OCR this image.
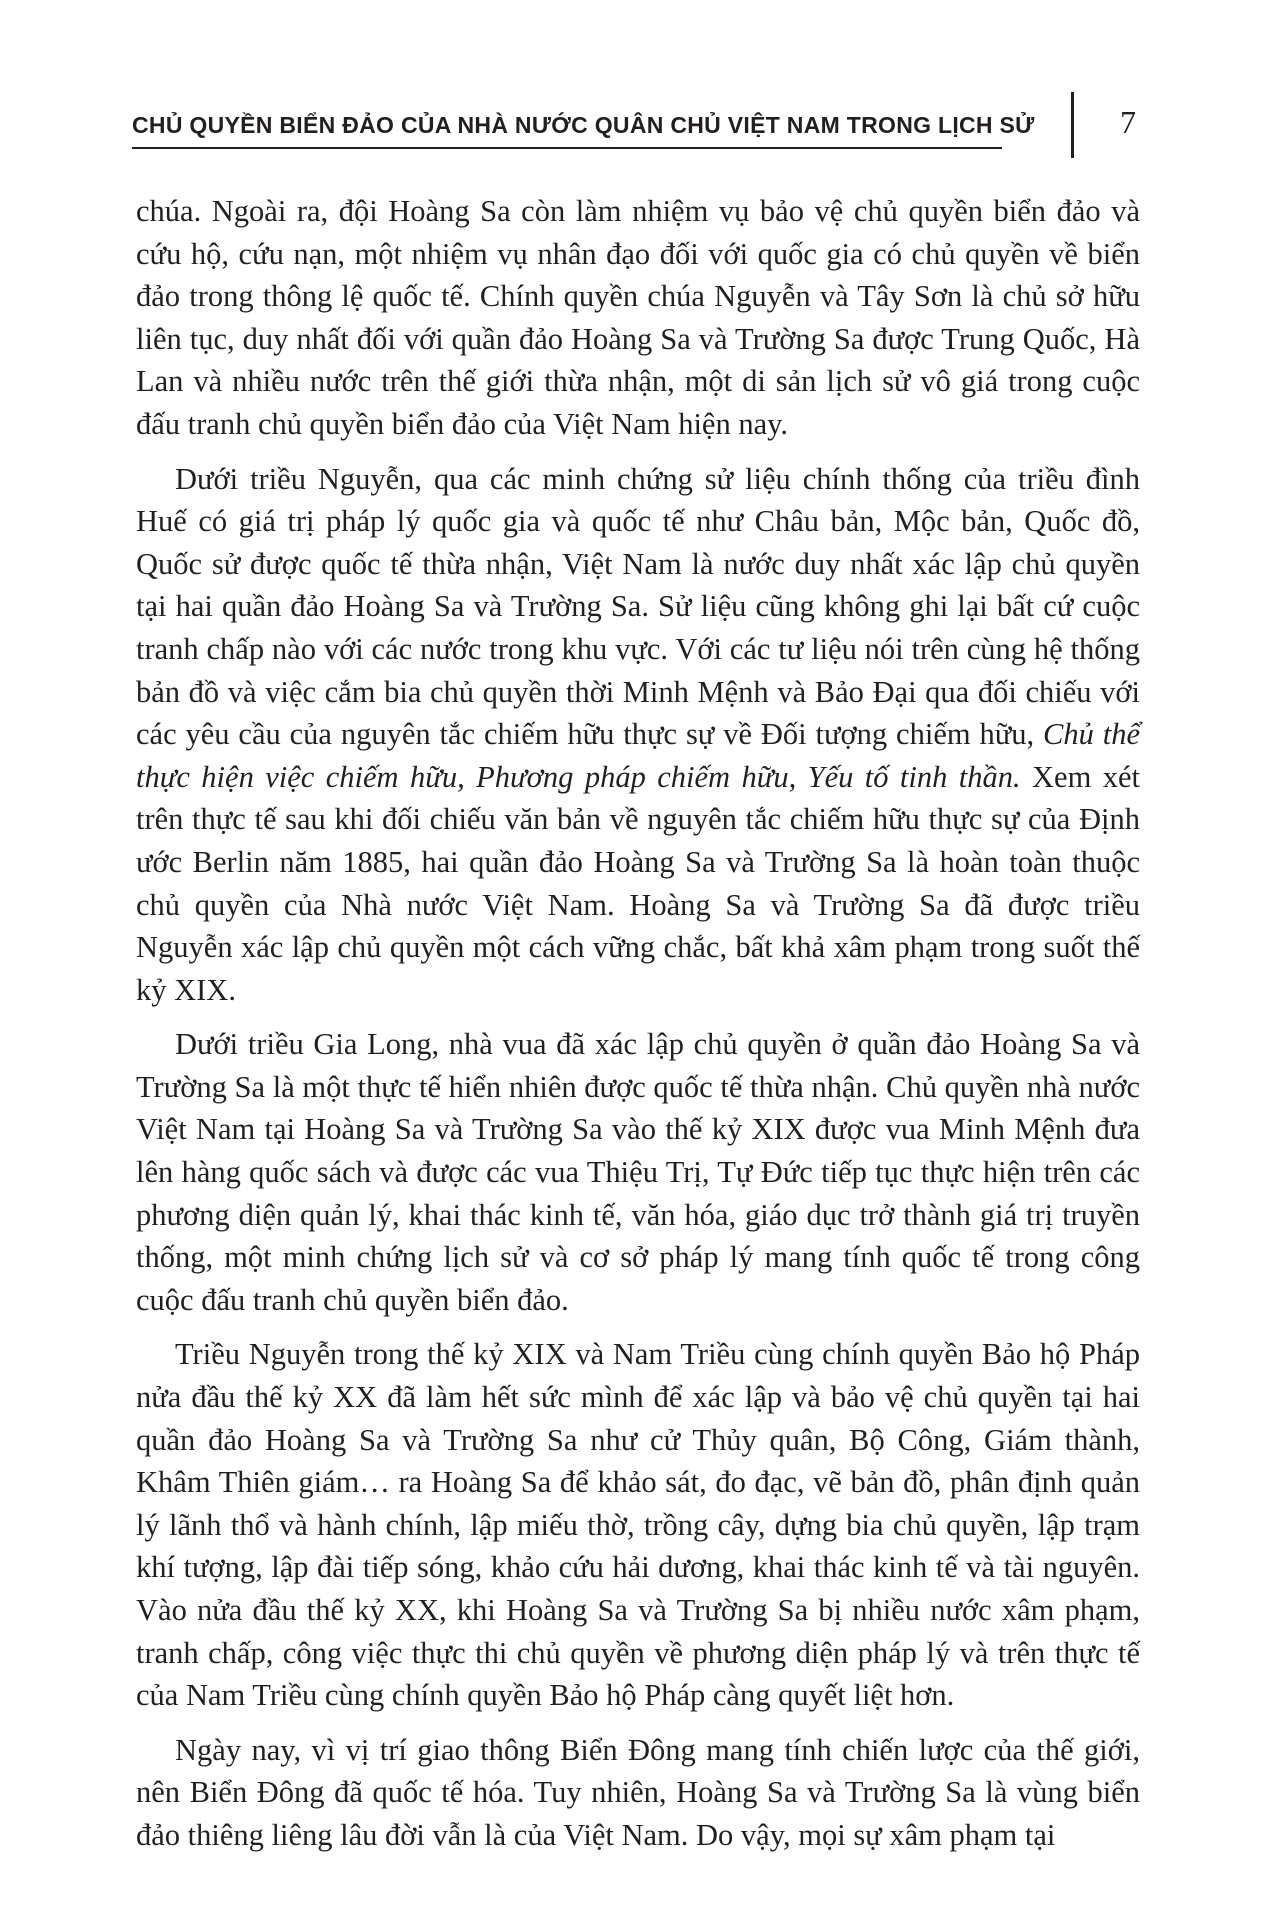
CHỦ QUYỀN BIỂN ĐẢO CỦA NHÀ NƯỚC QUÂN CHỦ VIỆT NAM TRONG LỊCH SỬ	7

chúa. Ngoài ra, đội Hoàng Sa còn làm nhiệm vụ bảo vệ chủ quyền biển đảo và cứu hộ, cứu nạn, một nhiệm vụ nhân đạo đối với quốc gia có chủ quyền về biển đảo trong thông lệ quốc tế. Chính quyền chúa Nguyễn và Tây Sơn là chủ sở hữu liên tục, duy nhất đối với quần đảo Hoàng Sa và Trường Sa được Trung Quốc, Hà Lan và nhiều nước trên thế giới thừa nhận, một di sản lịch sử vô giá trong cuộc đấu tranh chủ quyền biển đảo của Việt Nam hiện nay.

Dưới triều Nguyễn, qua các minh chứng sử liệu chính thống của triều đình Huế có giá trị pháp lý quốc gia và quốc tế như Châu bản, Mộc bản, Quốc đồ, Quốc sử được quốc tế thừa nhận, Việt Nam là nước duy nhất xác lập chủ quyền tại hai quần đảo Hoàng Sa và Trường Sa. Sử liệu cũng không ghi lại bất cứ cuộc tranh chấp nào với các nước trong khu vực. Với các tư liệu nói trên cùng hệ thống bản đồ và việc cắm bia chủ quyền thời Minh Mệnh và Bảo Đại qua đối chiếu với các yêu cầu của nguyên tắc chiếm hữu thực sự về Đối tượng chiếm hữu, Chủ thể thực hiện việc chiếm hữu, Phương pháp chiếm hữu, Yếu tố tinh thần. Xem xét trên thực tế sau khi đối chiếu văn bản về nguyên tắc chiếm hữu thực sự của Định ước Berlin năm 1885, hai quần đảo Hoàng Sa và Trường Sa là hoàn toàn thuộc chủ quyền của Nhà nước Việt Nam. Hoàng Sa và Trường Sa đã được triều Nguyễn xác lập chủ quyền một cách vững chắc, bất khả xâm phạm trong suốt thế kỷ XIX.

Dưới triều Gia Long, nhà vua đã xác lập chủ quyền ở quần đảo Hoàng Sa và Trường Sa là một thực tế hiển nhiên được quốc tế thừa nhận. Chủ quyền nhà nước Việt Nam tại Hoàng Sa và Trường Sa vào thế kỷ XIX được vua Minh Mệnh đưa lên hàng quốc sách và được các vua Thiệu Trị, Tự Đức tiếp tục thực hiện trên các phương diện quản lý, khai thác kinh tế, văn hóa, giáo dục trở thành giá trị truyền thống, một minh chứng lịch sử và cơ sở pháp lý mang tính quốc tế trong công cuộc đấu tranh chủ quyền biển đảo.

Triều Nguyễn trong thế kỷ XIX và Nam Triều cùng chính quyền Bảo hộ Pháp nửa đầu thế kỷ XX đã làm hết sức mình để xác lập và bảo vệ chủ quyền tại hai quần đảo Hoàng Sa và Trường Sa như cử Thủy quân, Bộ Công, Giám thành, Khâm Thiên giám… ra Hoàng Sa để khảo sát, đo đạc, vẽ bản đồ, phân định quản lý lãnh thổ và hành chính, lập miếu thờ, trồng cây, dựng bia chủ quyền, lập trạm khí tượng, lập đài tiếp sóng, khảo cứu hải dương, khai thác kinh tế và tài nguyên. Vào nửa đầu thế kỷ XX, khi Hoàng Sa và Trường Sa bị nhiều nước xâm phạm, tranh chấp, công việc thực thi chủ quyền về phương diện pháp lý và trên thực tế của Nam Triều cùng chính quyền Bảo hộ Pháp càng quyết liệt hơn.

Ngày nay, vì vị trí giao thông Biển Đông mang tính chiến lược của thế giới, nên Biển Đông đã quốc tế hóa. Tuy nhiên, Hoàng Sa và Trường Sa là vùng biển đảo thiêng liêng lâu đời vẫn là của Việt Nam. Do vậy, mọi sự xâm phạm tại
